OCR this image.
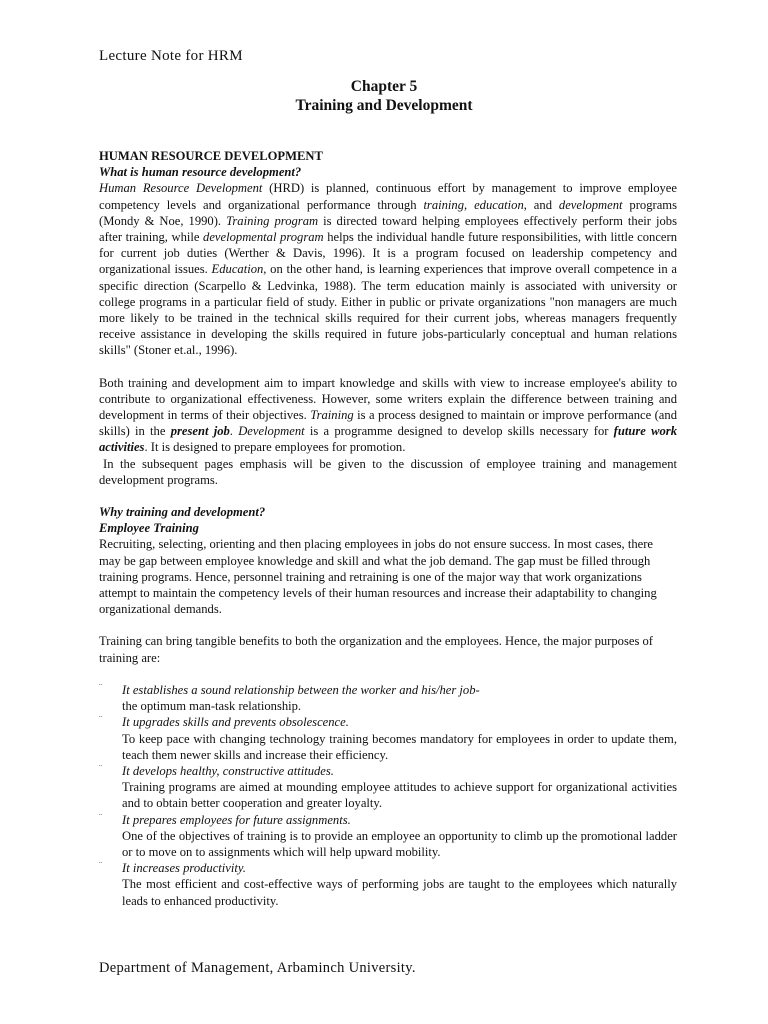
Lecture Note for HRM
Chapter 5
Training and Development

HUMAN RESOURCE DEVELOPMENT

What is human resource development?

Human Resource Development (HRD) is planned, continuous effort by management to improve employee competency levels and organizational performance through training, education, and development programs (Mondy & Noe, 1990). Training program is directed toward helping employees effectively perform their jobs after training, while developmental program helps the individual handle future responsibilities, with little concern for current job duties (Werther & Davis, 1996). It is a program focused on leadership competency and organizational issues. Education, on the other hand, is learning experiences that improve overall competence in a specific direction (Scarpello & Ledvinka, 1988). The term education mainly is associated with university or college programs in a particular field of study. Either in public or private organizations "non managers are much more likely to be trained in the technical skills required for their current jobs, whereas managers frequently receive assistance in developing the skills required in future jobs-particularly conceptual and human relations skills" (Stoner et.al., 1996).

Both training and development aim to impart knowledge and skills with view to increase employee's ability to contribute to organizational effectiveness. However, some writers explain the difference between training and development in terms of their objectives. Training is a process designed to maintain or improve performance (and skills) in the present job. Development is a programme designed to develop skills necessary for future work activities. It is designed to prepare employees for promotion.

In the subsequent pages emphasis will be given to the discussion of employee training and management development programs.

Why training and development?

Employee Training

Recruiting, selecting, orienting and then placing employees in jobs do not ensure success. In most cases, there may be gap between employee knowledge and skill and what the job demand. The gap must be filled through training programs. Hence, personnel training and retraining is one of the major way that work organizations attempt to maintain the competency levels of their human resources and increase their adaptability to changing organizational demands.

Training can bring tangible benefits to both the organization and the employees. Hence, the major purposes of training are:

¨ It establishes a sound relationship between the worker and his/her job-
the optimum man-task relationship.
¨ It upgrades skills and prevents obsolescence.
To keep pace with changing technology training becomes mandatory for employees in order to update them, teach them newer skills and increase their efficiency.
¨ It develops healthy, constructive attitudes.
Training programs are aimed at mounding employee attitudes to achieve support for organizational activities and to obtain better cooperation and greater loyalty.
¨ It prepares employees for future assignments.
One of the objectives of training is to provide an employee an opportunity to climb up the promotional ladder or to move on to assignments which will help upward mobility.
¨ It increases productivity.
The most efficient and cost-effective ways of performing jobs are taught to the employees which naturally leads to enhanced productivity.
Department of Management, Arbaminch University.
